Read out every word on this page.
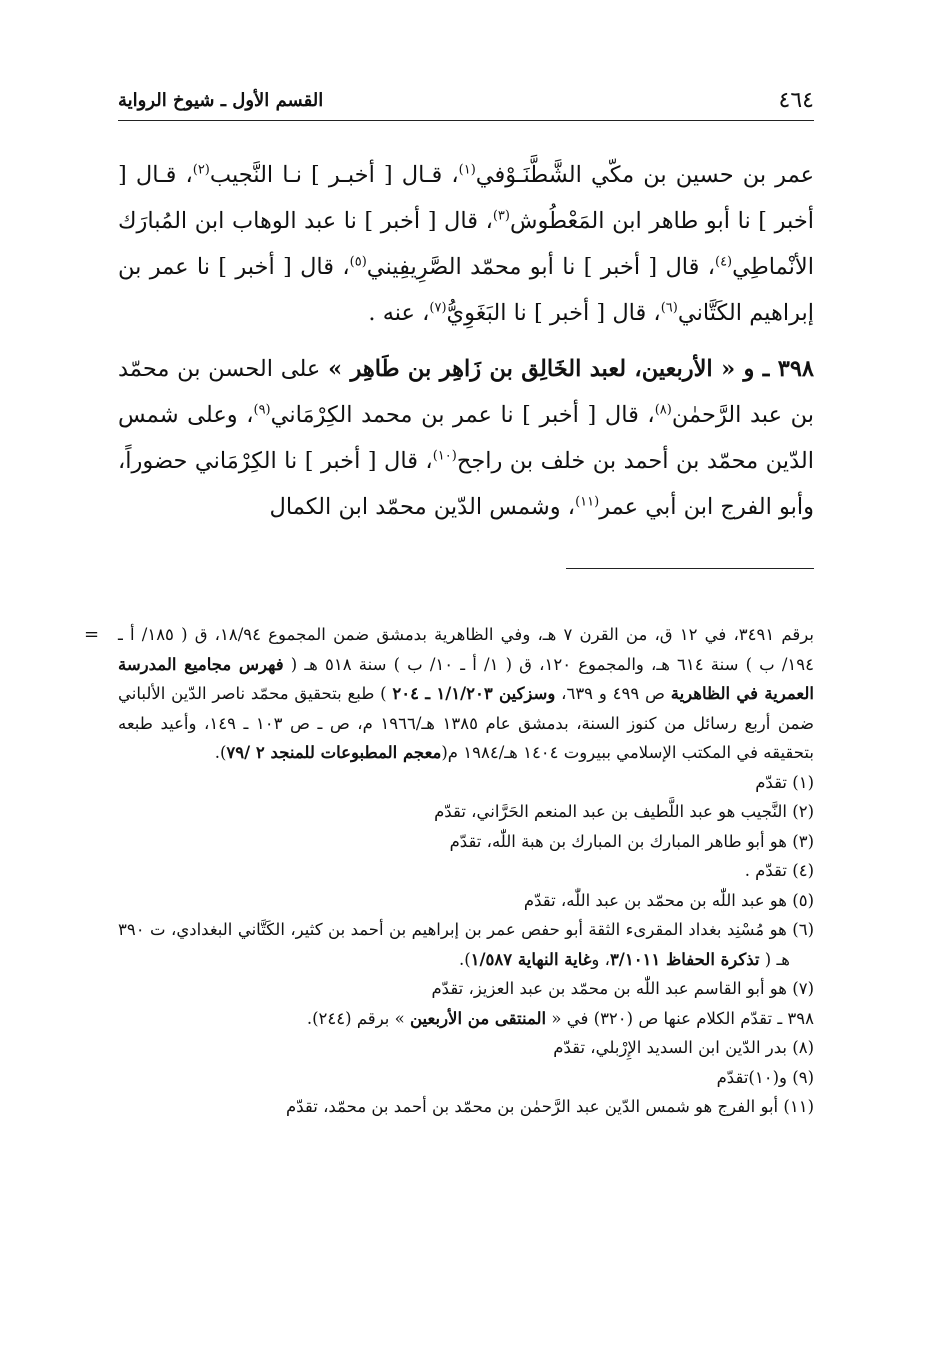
٤٦٤
القسم الأول ـ شيوخ الرواية

عمر بن حسين بن مكّي الشَّطَّنَـوْفي$^{(١)}$، قـال [ أخبـر ] نـا النَّجيب$^{(٢)}$، قـال [ أخبر ] نا أبو طاهر ابن المَعْطُوش$^{(٣)}$، قال [ أخبر ] نا عبد الوهاب ابن المُبارَك الأنْماطِي$^{(٤)}$، قال [ أخبر ] نا أبو محمّد الصَّرِيفِيني$^{(٥)}$، قال [ أخبر ] نا عمر بن إبراهيم الكَتَّاني$^{(٦)}$، قال [ أخبر ] نا البَغَوِيُّ$^{(٧)}$، عنه .

٣٩٨ ـ و « الأربعين، لعبد الخَالِق بن زَاهِر بن طَاهِر » على الحسن بن محمّد بن عبد الرَّحمٰن$^{(٨)}$، قال [ أخبر ] نا عمر بن محمد الكِرْمَاني$^{(٩)}$، وعلى شمس الدّين محمّد بن أحمد بن خلف بن راجح$^{(١٠)}$، قال [ أخبر ] نا الكِرْمَاني حضوراً، وأبو الفرج ابن أبي عمر$^{(١١)}$، وشمس الدّين محمّد ابن الكمال

= برقم ٣٤٩١، في ١٢ ق، من القرن ٧ هـ، وفي الظاهرية بدمشق ضمن المجموع ١٨/٩٤، ق ( ١٨٥/ أ ـ ١٩٤/ ب ) سنة ٦١٤ هـ، والمجموع ١٢٠، ق ( ١/ أ ـ ١٠/ ب ) سنة ٥١٨ هـ ( فهرس مجاميع المدرسة العمرية في الظاهرية ص ٤٩٩ و ٦٣٩، وسزكين ١/١/٢٠٣ ـ ٢٠٤ ) طبع بتحقيق محمّد ناصر الدّين الألباني ضمن أربع رسائل من كنوز السنة، بدمشق عام ١٣٨٥ هـ/١٩٦٦ م، ص ـ ص ١٠٣ ـ ١٤٩، وأعيد طبعه بتحقيقه في المكتب الإسلامي ببيروت ١٤٠٤ هـ/١٩٨٤ م(معجم المطبوعات للمنجد ٢ /٧٩).
(١) تقدّم
(٢) النَّجيب هو عبد اللَّطيف بن عبد المنعم الحَرَّاني، تقدّم
(٣) هو أبو طاهر المبارك بن المبارك بن هبة اللّٰه، تقدّم
(٤) تقدّم .
(٥) هو عبد اللّٰه بن محمّد بن عبد اللّٰه، تقدّم
(٦) هو مُسْنِد بغداد المقرىء الثقة أبو حفص عمر بن إبراهيم بن أحمد بن كثير، الكَتَّاني البغدادي، ت ٣٩٠ هـ ( تذكرة الحفاظ ٣/١٠١١، وغاية النهاية ١/٥٨٧).
(٧) هو أبو القاسم عبد اللّٰه بن محمّد بن عبد العزيز، تقدّم
٣٩٨ ـ تقدّم الكلام عنها ص (٣٢٠) في « المنتقى من الأربعين » برقم (٢٤٤).
(٨) بدر الدّين ابن السديد الإِرْبلي، تقدّم
(٩) و(١٠)تقدّم
(١١) أبو الفرج هو شمس الدّين عبد الرَّحمٰن بن محمّد بن أحمد بن محمّد، تقدّم
